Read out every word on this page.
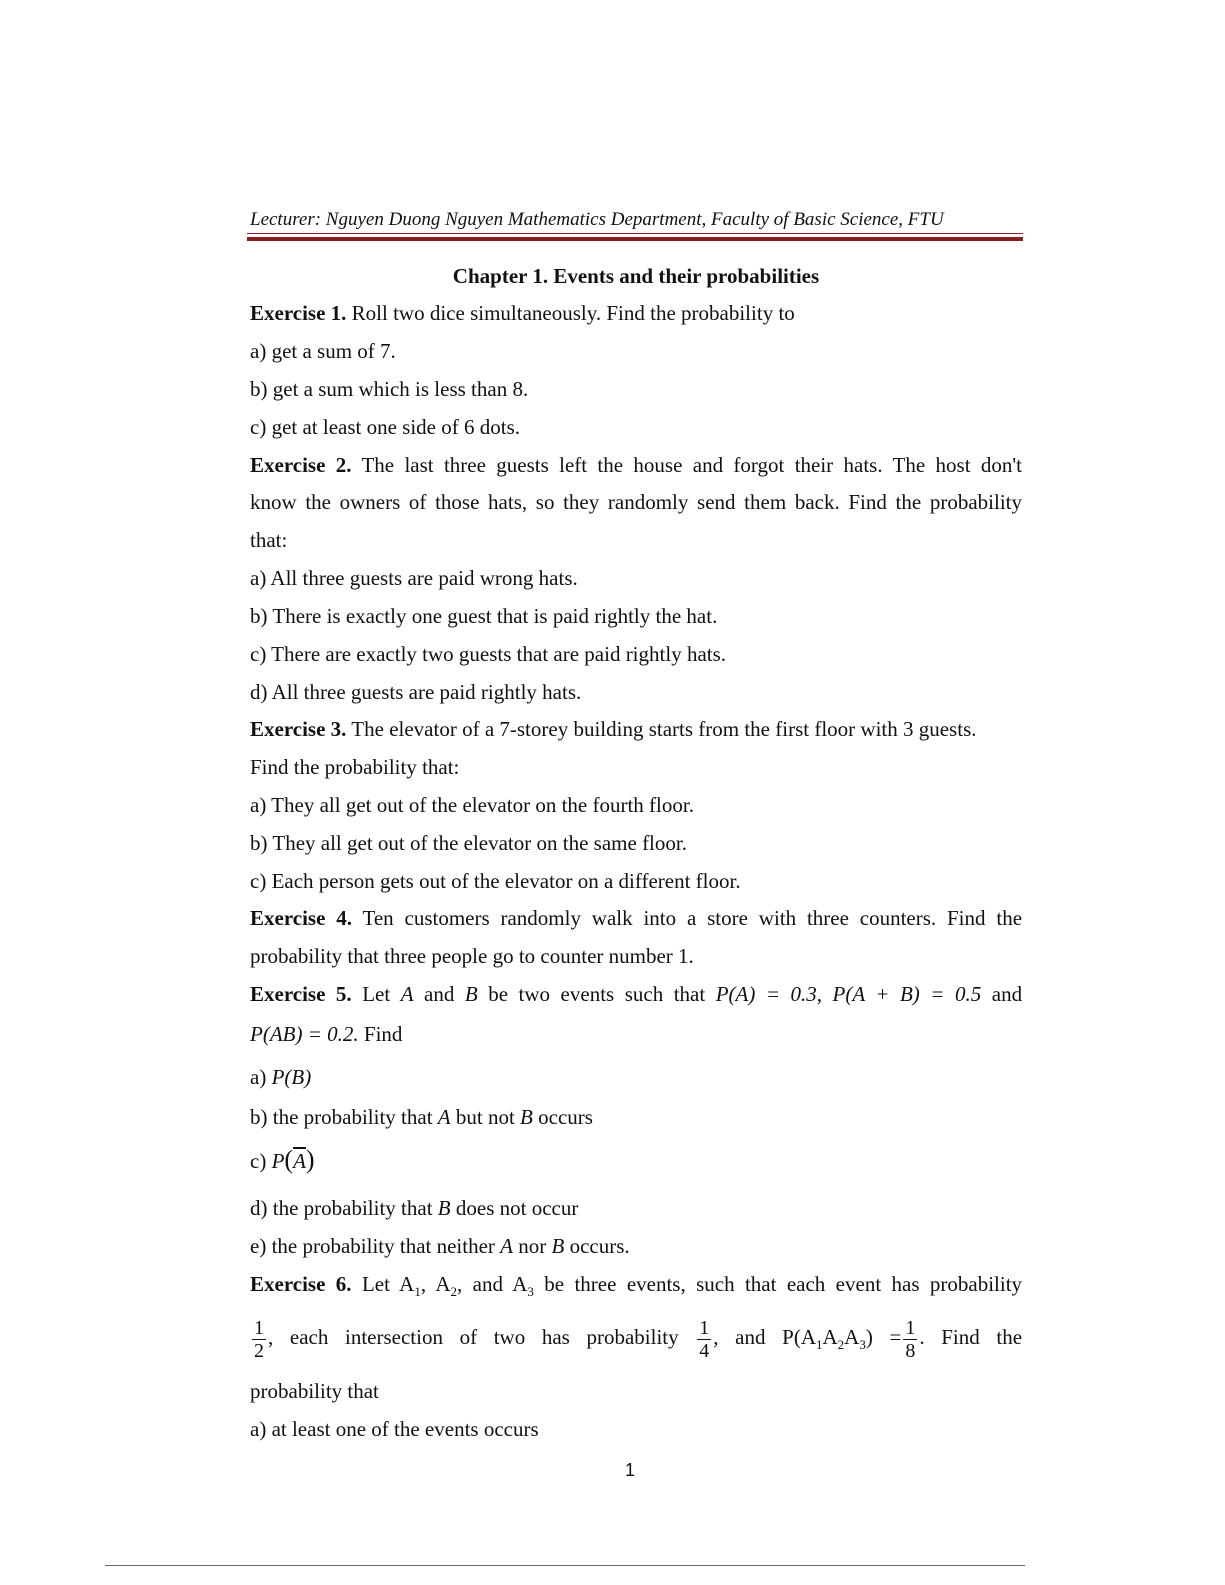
Lecturer: Nguyen Duong Nguyen Mathematics Department, Faculty of Basic Science, FTU
Chapter 1. Events and their probabilities
Exercise 1. Roll two dice simultaneously. Find the probability to
a) get a sum of 7.
b) get a sum which is less than 8.
c) get at least one side of 6 dots.
Exercise 2. The last three guests left the house and forgot their hats. The host don't
know the owners of those hats, so they randomly send them back. Find the probability
that:
a) All three guests are paid wrong hats.
b) There is exactly one guest that is paid rightly the hat.
c) There are exactly two guests that are paid rightly hats.
d) All three guests are paid rightly hats.
Exercise 3. The elevator of a 7-storey building starts from the first floor with 3 guests.
Find the probability that:
a) They all get out of the elevator on the fourth floor.
b) They all get out of the elevator on the same floor.
c) Each person gets out of the elevator on a different floor.
Exercise 4. Ten customers randomly walk into a store with three counters. Find the
probability that three people go to counter number 1.
Exercise 5. Let A and B be two events such that P(A) = 0.3, P(A + B) = 0.5 and
P(AB) = 0.2. Find
a) P(B)
b) the probability that A but not B occurs
c) $P(\overline{A})$
d) the probability that B does not occur
e) the probability that neither A nor B occurs.
Exercise 6. Let $A_1$, $A_2$, and $A_3$ be three events, such that each event has probability
$\frac{1}{2}$ , each intersection of two has probability $\frac{1}{4}$ , and $P(A_1A_2A_3) = \frac{1}{8}$ . Find the
probability that
a) at least one of the events occurs
1
